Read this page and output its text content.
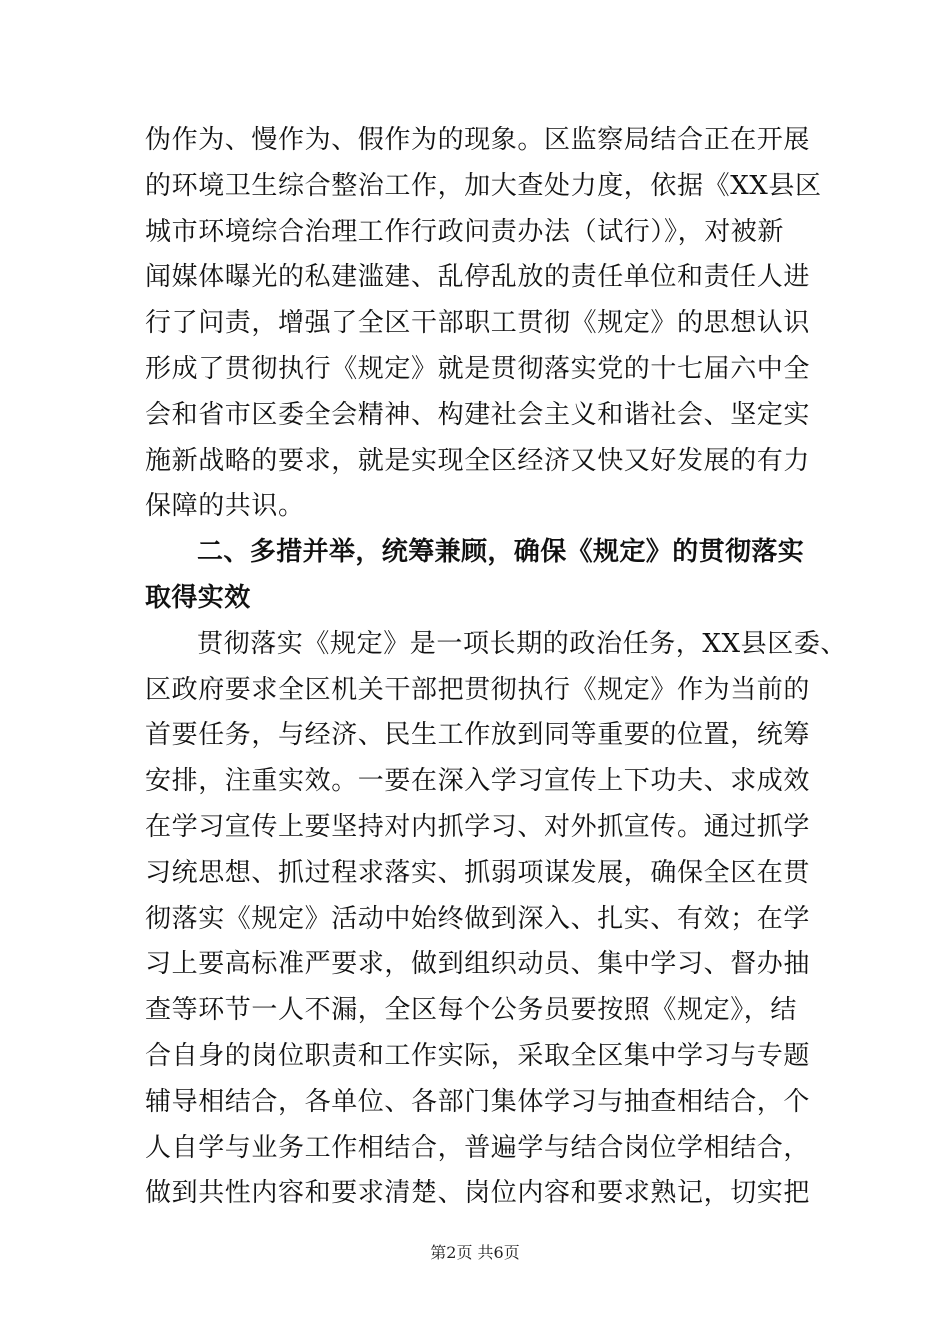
伪作为、慢作为、假作为的现象。区监察局结合正在开展
的环境卫生综合整治工作，加大查处力度，依据《XX县区
城市环境综合治理工作行政问责办法（试行）》，对被新
闻媒体曝光的私建滥建、乱停乱放的责任单位和责任人进
行了问责，增强了全区干部职工贯彻《规定》的思想认识
形成了贯彻执行《规定》就是贯彻落实党的十七届六中全
会和省市区委全会精神、构建社会主义和谐社会、坚定实
施新战略的要求，就是实现全区经济又快又好发展的有力
保障的共识。
二、多措并举，统筹兼顾，确保《规定》的贯彻落实
取得实效
贯彻落实《规定》是一项长期的政治任务，XX县区委、
区政府要求全区机关干部把贯彻执行《规定》作为当前的
首要任务，与经济、民生工作放到同等重要的位置，统筹
安排，注重实效。一要在深入学习宣传上下功夫、求成效
在学习宣传上要坚持对内抓学习、对外抓宣传。通过抓学
习统思想、抓过程求落实、抓弱项谋发展，确保全区在贯
彻落实《规定》活动中始终做到深入、扎实、有效；在学
习上要高标准严要求，做到组织动员、集中学习、督办抽
查等环节一人不漏，全区每个公务员要按照《规定》，结
合自身的岗位职责和工作实际，采取全区集中学习与专题
辅导相结合，各单位、各部门集体学习与抽查相结合，个
人自学与业务工作相结合，普遍学与结合岗位学相结合，
做到共性内容和要求清楚、岗位内容和要求熟记，切实把
第2页 共6页
